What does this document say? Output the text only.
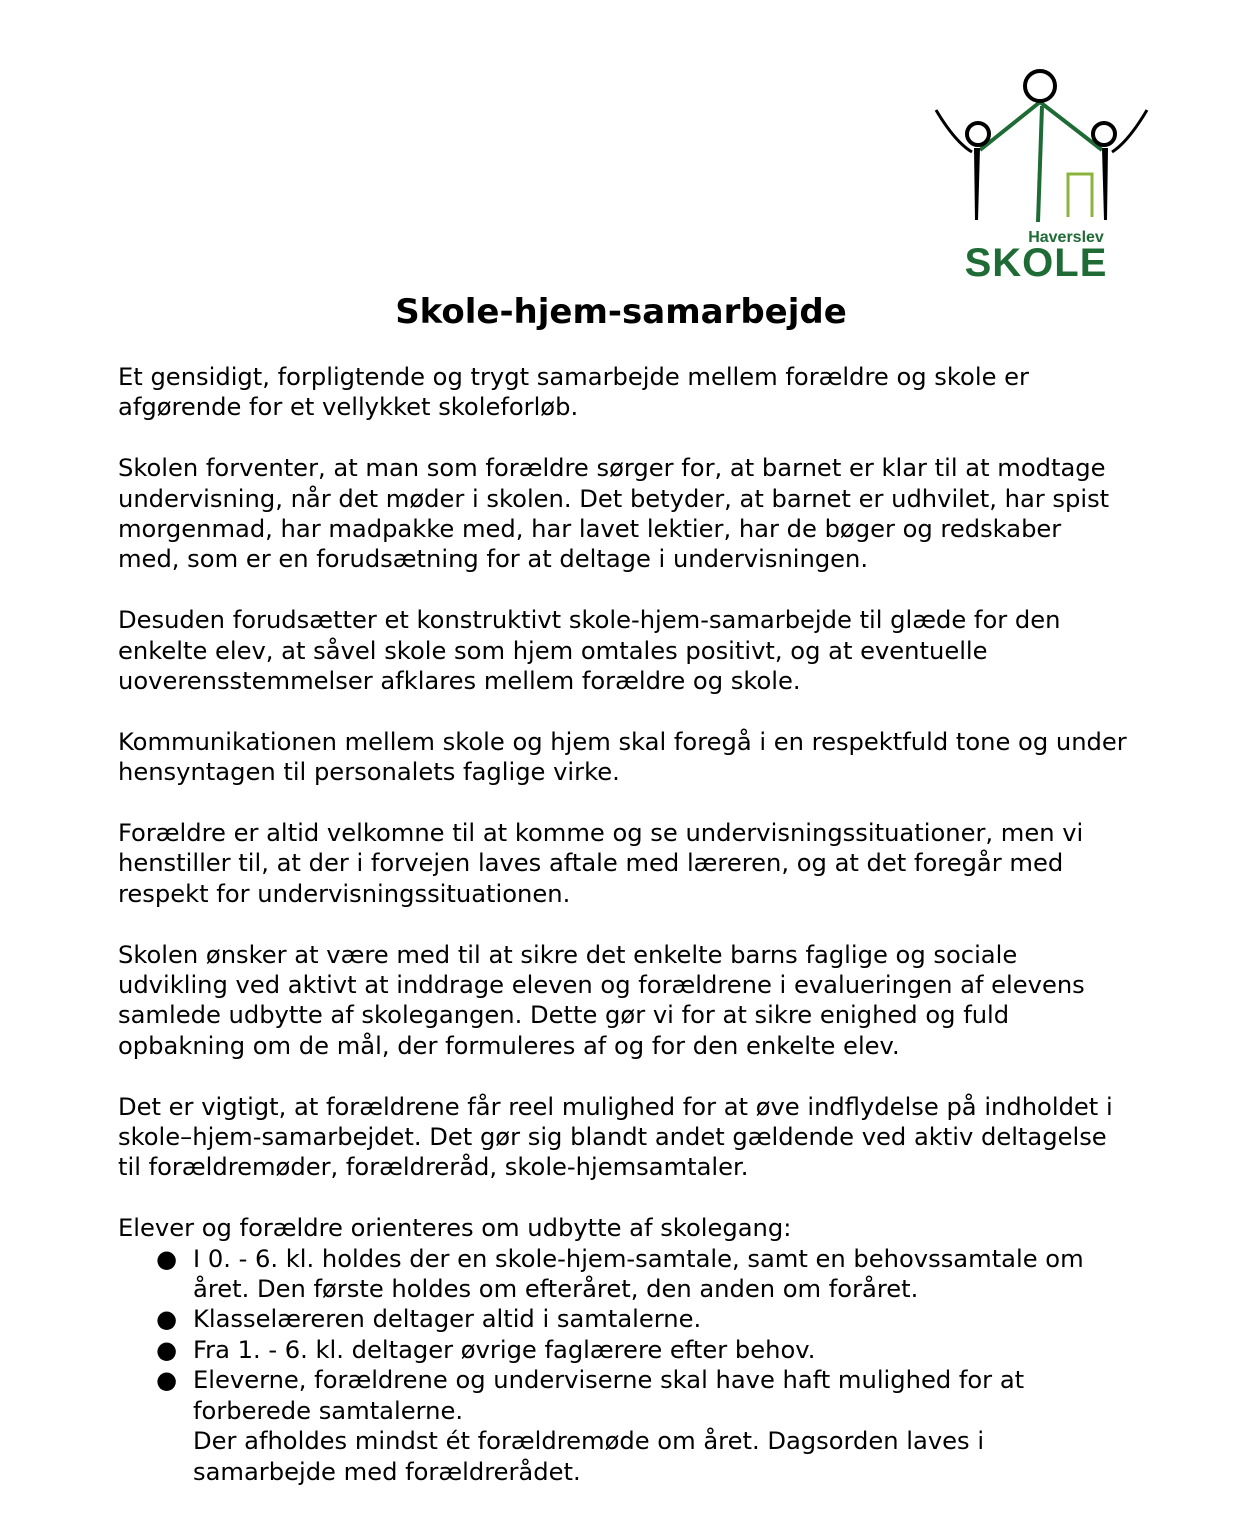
Haverslev
SKOLE
Skole-hjem-samarbejde

Et gensidigt, forpligtende og trygt samarbejde mellem forældre og skole er afgørende for et vellykket skoleforløb.

Skolen forventer, at man som forældre sørger for, at barnet er klar til at modtage undervisning, når det møder i skolen. Det betyder, at barnet er udhvilet, har spist morgenmad, har madpakke med, har lavet lektier, har de bøger og redskaber med, som er en forudsætning for at deltage i undervisningen.

Desuden forudsætter et konstruktivt skole-hjem-samarbejde til glæde for den enkelte elev, at såvel skole som hjem omtales positivt, og at eventuelle uoverensstemmelser afklares mellem forældre og skole.

Kommunikationen mellem skole og hjem skal foregå i en respektfuld tone og under hensyntagen til personalets faglige virke.

Forældre er altid velkomne til at komme og se undervisningssituationer, men vi henstiller til, at der i forvejen laves aftale med læreren, og at det foregår med respekt for undervisningssituationen.

Skolen ønsker at være med til at sikre det enkelte barns faglige og sociale udvikling ved aktivt at inddrage eleven og forældrene i evalueringen af elevens samlede udbytte af skolegangen. Dette gør vi for at sikre enighed og fuld opbakning om de mål, der formuleres af og for den enkelte elev.

Det er vigtigt, at forældrene får reel mulighed for at øve indflydelse på indholdet i skole–hjem-samarbejdet. Det gør sig blandt andet gældende ved aktiv deltagelse til forældremøder, forældreråd, skole-hjemsamtaler.

Elever og forældre orienteres om udbytte af skolegang:

● I 0. - 6. kl. holdes der en skole-hjem-samtale, samt en behovssamtale om året. Den første holdes om efteråret, den anden om foråret.
● Klasselæreren deltager altid i samtalerne.
● Fra 1. - 6. kl. deltager øvrige faglærere efter behov.
● Eleverne, forældrene og underviserne skal have haft mulighed for at forberede samtalerne.
Der afholdes mindst ét forældremøde om året. Dagsorden laves i samarbejde med forældrerådet.
